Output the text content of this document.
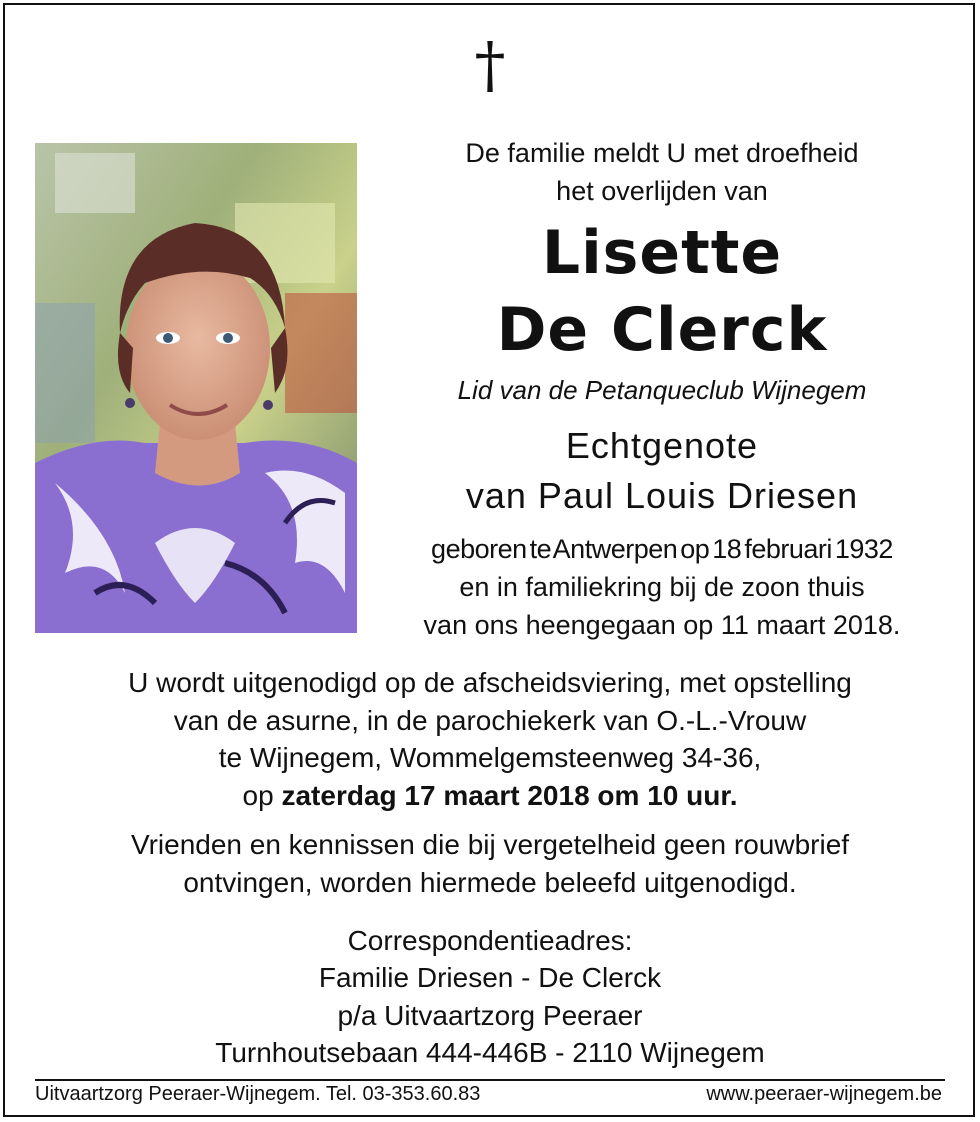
†
De familie meldt U met droefheid
het overlijden van
Lisette
De Clerck
Lid van de Petanqueclub Wijnegem
Echtgenote
van Paul Louis Driesen
geboren te Antwerpen op 18 februari 1932
en in familiekring bij de zoon thuis
van ons heengegaan op 11 maart 2018.
U wordt uitgenodigd op de afscheidsviering, met opstelling
van de asurne, in de parochiekerk van O.-L.-Vrouw
te Wijnegem, Wommelgemsteenweg 34-36,
op zaterdag 17 maart 2018 om 10 uur.
Vrienden en kennissen die bij vergetelheid geen rouwbrief
ontvingen, worden hiermede beleefd uitgenodigd.
Correspondentieadres:
Familie Driesen - De Clerck
p/a Uitvaartzorg Peeraer
Turnhoutsebaan 444-446B - 2110 Wijnegem
Uitvaartzorg Peeraer-Wijnegem. Tel. 03-353.60.83	www.peeraer-wijnegem.be
